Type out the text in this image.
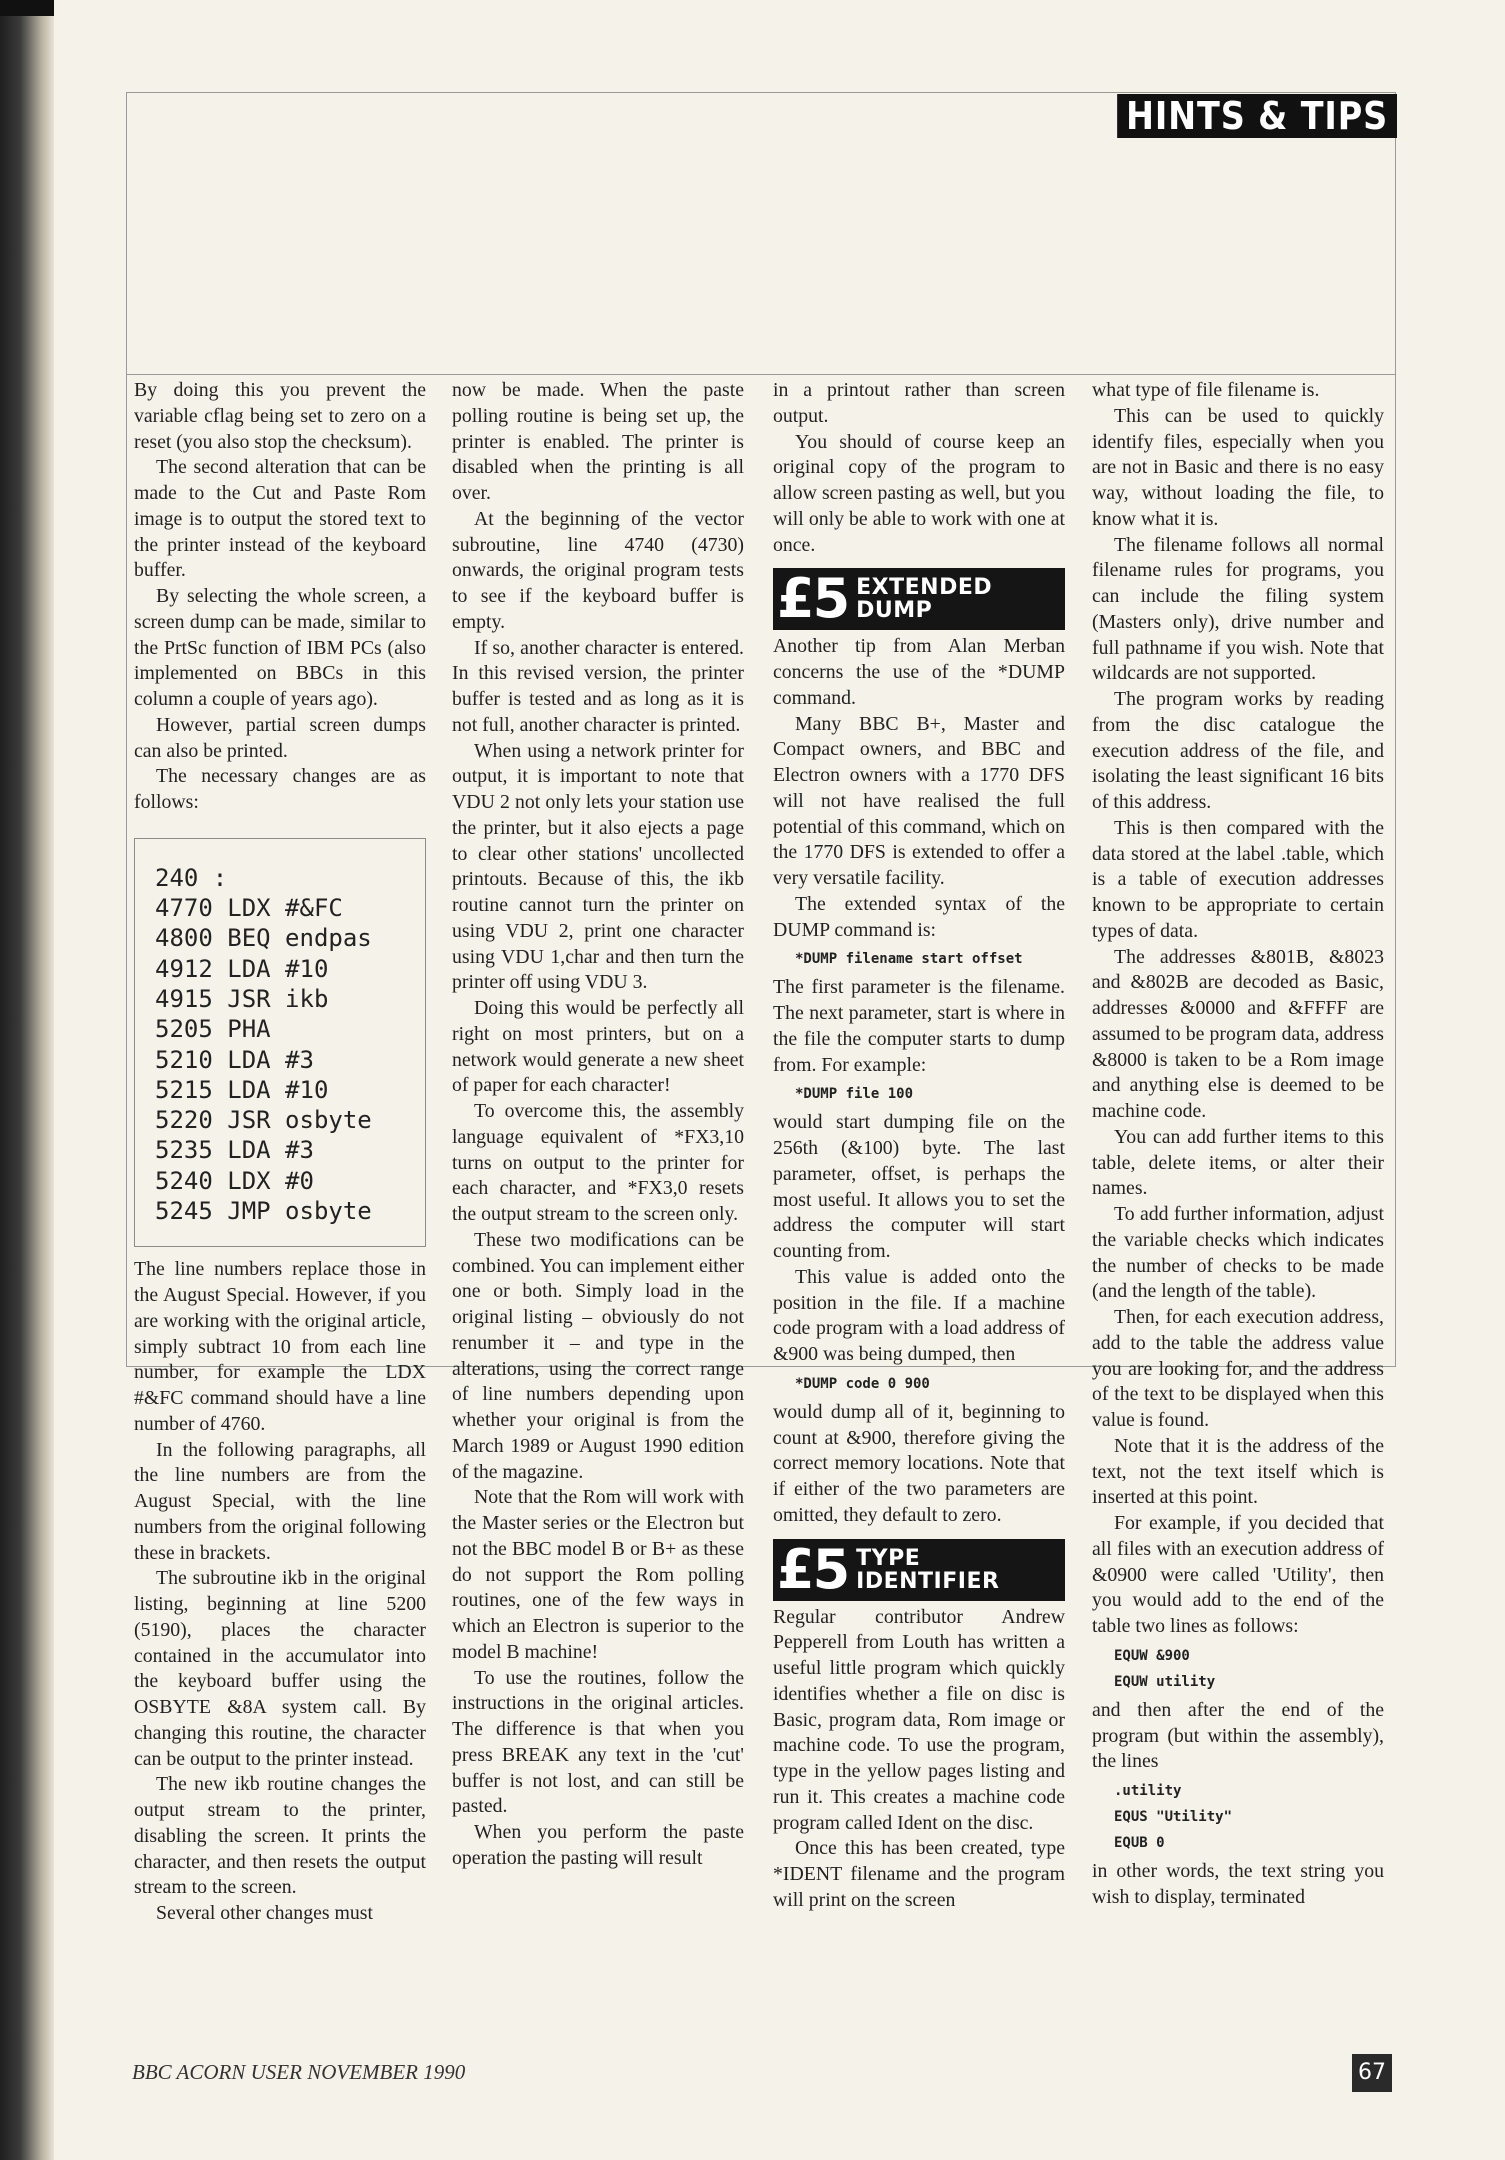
HINTS & TIPS

By doing this you prevent the variable cflag being set to zero on a reset (you also stop the checksum).

The second alteration that can be made to the Cut and Paste Rom image is to output the stored text to the printer instead of the keyboard buffer.

By selecting the whole screen, a screen dump can be made, similar to the PrtSc function of IBM PCs (also implemented on BBCs in this column a couple of years ago).

However, partial screen dumps can also be printed.

The necessary changes are as follows:

240 :
4770 LDX #&FC
4800 BEQ endpas
4912 LDA #10
4915 JSR ikb
5205 PHA
5210 LDA #3
5215 LDA #10
5220 JSR osbyte
5235 LDA #3
5240 LDX #0
5245 JMP osbyte

The line numbers replace those in the August Special. However, if you are working with the original article, simply subtract 10 from each line number, for example the LDX #&FC command should have a line number of 4760.

In the following paragraphs, all the line numbers are from the August Special, with the line numbers from the original following these in brackets.

The subroutine ikb in the original listing, beginning at line 5200 (5190), places the character contained in the accumulator into the keyboard buffer using the OSBYTE &8A system call. By changing this routine, the character can be output to the printer instead.

The new ikb routine changes the output stream to the printer, disabling the screen. It prints the character, and then resets the output stream to the screen.

Several other changes must

now be made. When the paste polling routine is being set up, the printer is enabled. The printer is disabled when the printing is all over.

At the beginning of the vector subroutine, line 4740 (4730) onwards, the original program tests to see if the keyboard buffer is empty.

If so, another character is entered. In this revised version, the printer buffer is tested and as long as it is not full, another character is printed.

When using a network printer for output, it is important to note that VDU 2 not only lets your station use the printer, but it also ejects a page to clear other stations' uncollected printouts. Because of this, the ikb routine cannot turn the printer on using VDU 2, print one character using VDU 1,char and then turn the printer off using VDU 3.

Doing this would be perfectly all right on most printers, but on a network would generate a new sheet of paper for each character!

To overcome this, the assembly language equivalent of *FX3,10 turns on output to the printer for each character, and *FX3,0 resets the output stream to the screen only.

These two modifications can be combined. You can implement either one or both. Simply load in the original listing – obviously do not renumber it – and type in the alterations, using the correct range of line numbers depending upon whether your original is from the March 1989 or August 1990 edition of the magazine.

Note that the Rom will work with the Master series or the Electron but not the BBC model B or B+ as these do not support the Rom polling routines, one of the few ways in which an Electron is superior to the model B machine!

To use the routines, follow the instructions in the original articles. The difference is that when you press BREAK any text in the 'cut' buffer is not lost, and can still be pasted.

When you perform the paste operation the pasting will result

in a printout rather than screen output.

You should of course keep an original copy of the program to allow screen pasting as well, but you will only be able to work with one at once.

£5 EXTENDED
DUMP

Another tip from Alan Merban concerns the use of the *DUMP command.

Many BBC B+, Master and Compact owners, and BBC and Electron owners with a 1770 DFS will not have realised the full potential of this command, which on the 1770 DFS is extended to offer a very versatile facility.

The extended syntax of the DUMP command is:

*DUMP filename start offset

The first parameter is the filename. The next parameter, start is where in the file the computer starts to dump from. For example:

*DUMP file 100

would start dumping file on the 256th (&100) byte. The last parameter, offset, is perhaps the most useful. It allows you to set the address the computer will start counting from.

This value is added onto the position in the file. If a machine code program with a load address of &900 was being dumped, then

*DUMP code 0 900

would dump all of it, beginning to count at &900, therefore giving the correct memory locations. Note that if either of the two parameters are omitted, they default to zero.

£5 TYPE
IDENTIFIER

Regular contributor Andrew Pepperell from Louth has written a useful little program which quickly identifies whether a file on disc is Basic, program data, Rom image or machine code. To use the program, type in the yellow pages listing and run it. This creates a machine code program called Ident on the disc.

Once this has been created, type *IDENT filename and the program will print on the screen

what type of file filename is.

This can be used to quickly identify files, especially when you are not in Basic and there is no easy way, without loading the file, to know what it is.

The filename follows all normal filename rules for programs, you can include the filing system (Masters only), drive number and full pathname if you wish. Note that wildcards are not supported.

The program works by reading from the disc catalogue the execution address of the file, and isolating the least significant 16 bits of this address.

This is then compared with the data stored at the label .table, which is a table of execution addresses known to be appropriate to certain types of data.

The addresses &801B, &8023 and &802B are decoded as Basic, addresses &0000 and &FFFF are assumed to be program data, address &8000 is taken to be a Rom image and anything else is deemed to be machine code.

You can add further items to this table, delete items, or alter their names.

To add further information, adjust the variable checks which indicates the number of checks to be made (and the length of the table).

Then, for each execution address, add to the table the address value you are looking for, and the address of the text to be displayed when this value is found.

Note that it is the address of the text, not the text itself which is inserted at this point.

For example, if you decided that all files with an execution address of &0900 were called 'Utility', then you would add to the end of the table two lines as follows:

EQUW &900
EQUW utility

and then after the end of the program (but within the assembly), the lines

.utility
EQUS "Utility"
EQUB 0

in other words, the text string you wish to display, terminated

BBC ACORN USER NOVEMBER 1990	67
